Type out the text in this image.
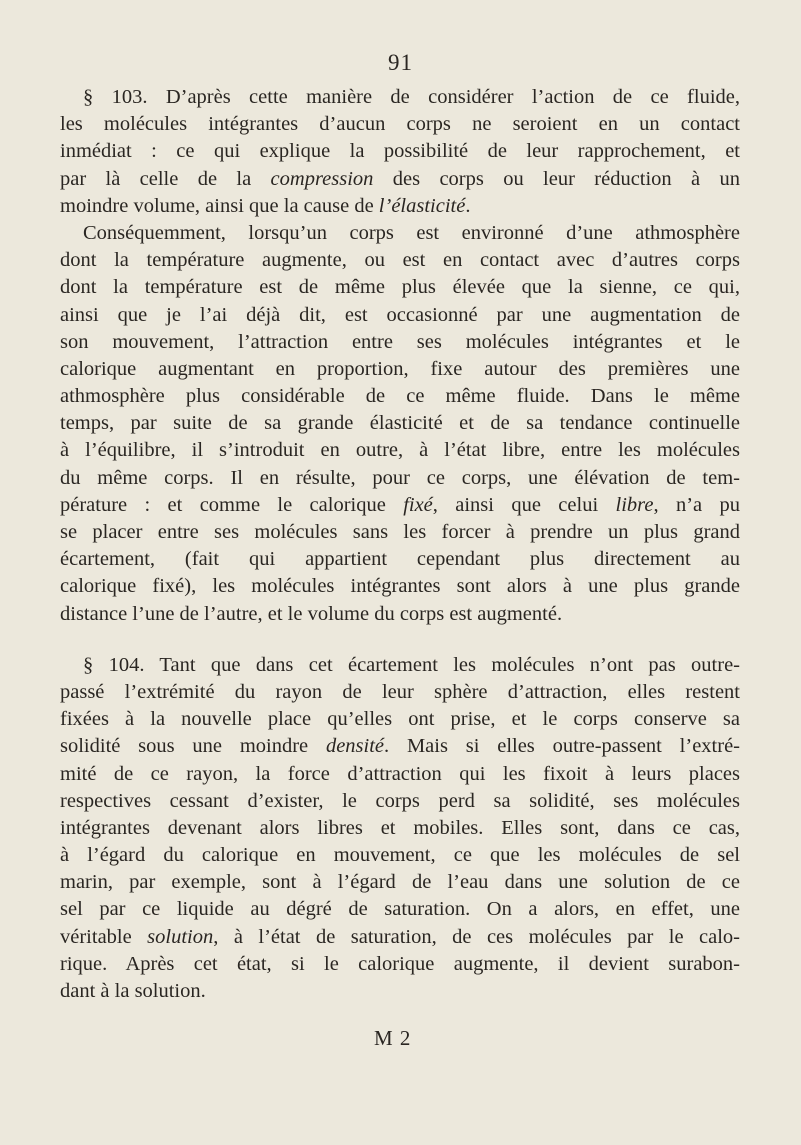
91
§ 103. D’après cette manière de considérer l’action de ce fluide,
les molécules intégrantes d’aucun corps ne seroient en un contact
inmédiat : ce qui explique la possibilité de leur rapprochement, et
par là celle de la compression des corps ou leur réduction à un
moindre volume, ainsi que la cause de l’élasticité.
Conséquemment, lorsqu’un corps est environné d’une athmosphère
dont la température augmente, ou est en contact avec d’autres corps
dont la température est de même plus élevée que la sienne, ce qui,
ainsi que je l’ai déjà dit, est occasionné par une augmentation de
son mouvement, l’attraction entre ses molécules intégrantes et le
calorique augmentant en proportion, fixe autour des premières une
athmosphère plus considérable de ce même fluide. Dans le même
temps, par suite de sa grande élasticité et de sa tendance continuelle
à l’équilibre, il s’introduit en outre, à l’état libre, entre les molécules
du même corps. Il en résulte, pour ce corps, une élévation de tem-
pérature : et comme le calorique fixé, ainsi que celui libre, n’a pu
se placer entre ses molécules sans les forcer à prendre un plus grand
écartement, (fait qui appartient cependant plus directement au
calorique fixé), les molécules intégrantes sont alors à une plus grande
distance l’une de l’autre, et le volume du corps est augmenté.
§ 104. Tant que dans cet écartement les molécules n’ont pas outre-
passé l’extrémité du rayon de leur sphère d’attraction, elles restent
fixées à la nouvelle place qu’elles ont prise, et le corps conserve sa
solidité sous une moindre densité. Mais si elles outre-passent l’extré-
mité de ce rayon, la force d’attraction qui les fixoit à leurs places
respectives cessant d’exister, le corps perd sa solidité, ses molécules
intégrantes devenant alors libres et mobiles. Elles sont, dans ce cas,
à l’égard du calorique en mouvement, ce que les molécules de sel
marin, par exemple, sont à l’égard de l’eau dans une solution de ce
sel par ce liquide au dégré de saturation. On a alors, en effet, une
véritable solution, à l’état de saturation, de ces molécules par le calo-
rique. Après cet état, si le calorique augmente, il devient surabon-
dant à la solution.
M 2
